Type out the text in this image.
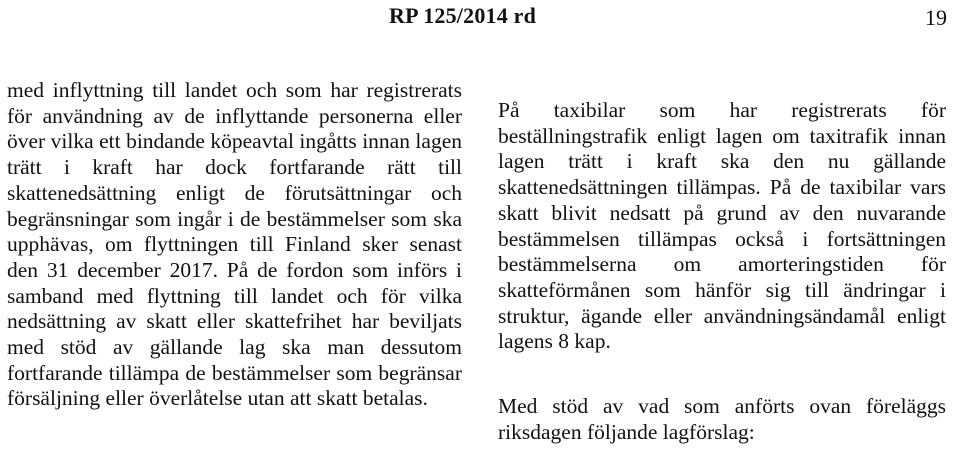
RP 125/2014 rd	19

med inflyttning till landet och som har registrerats för användning av de inflyttande personerna eller över vilka ett bindande köpeavtal ingåtts innan lagen trätt i kraft har dock fortfarande rätt till skattenedsättning enligt de förutsättningar och begränsningar som ingår i de bestämmelser som ska upphävas, om flyttningen till Finland sker senast den 31 december 2017. På de fordon som införs i samband med flyttning till landet och för vilka nedsättning av skatt eller skattefrihet har beviljats med stöd av gällande lag ska man dessutom fortfarande tillämpa de bestämmelser som begränsar försäljning eller överlåtelse utan att skatt betalas.

På taxibilar som har registrerats för beställningstrafik enligt lagen om taxitrafik innan lagen trätt i kraft ska den nu gällande skattenedsättningen tillämpas. På de taxibilar vars skatt blivit nedsatt på grund av den nuvarande bestämmelsen tillämpas också i fortsättningen bestämmelserna om amorteringstiden för skatteförmånen som hänför sig till ändringar i struktur, ägande eller användningsändamål enligt lagens 8 kap.

Med stöd av vad som anförts ovan föreläggs riksdagen följande lagförslag:
